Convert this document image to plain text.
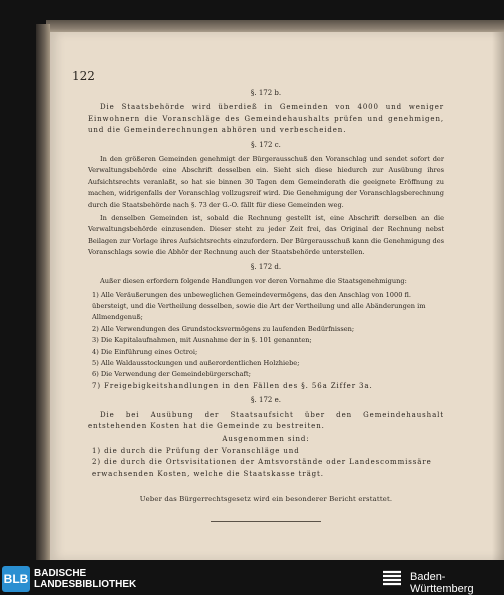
122
§. 172 b.

Die Staatsbehörde wird überdieß in Gemeinden von 4000 und weniger Einwohnern die Voranschläge des Gemeindehaushalts prüfen und genehmigen, und die Gemeinderechnungen abhören und verbescheiden.

§. 172 c.

In den größeren Gemeinden genehmigt der Bürgerausschuß den Voranschlag und sendet sofort der Verwaltungsbehörde eine Abschrift desselben ein. Sieht sich diese hiedurch zur Ausübung ihres Aufsichtsrechts veranlaßt, so hat sie binnen 30 Tagen dem Gemeinderath die geeignete Eröffnung zu machen, widrigenfalls der Voranschlag vollzugsreif wird. Die Genehmigung der Voranschlagsberechnung durch die Staatsbehörde nach §. 73 der G.-O. fällt für diese Gemeinden weg.

In denselben Gemeinden ist, sobald die Rechnung gestellt ist, eine Abschrift derselben an die Verwaltungsbehörde einzusenden. Dieser steht zu jeder Zeit frei, das Original der Rechnung nebst Beilagen zur Vorlage ihres Aufsichtsrechts einzufordern. Der Bürgerausschuß kann die Genehmigung des Voranschlags sowie die Abhör der Rechnung auch der Staatsbehörde unterstellen.

§. 172 d.

Außer diesen erfordern folgende Handlungen vor deren Vornahme die Staatsgenehmigung:

1) Alle Veräußerungen des unbeweglichen Gemeindevermögens, das den Anschlag von 1000 fl. übersteigt, und die Vertheilung desselben, sowie die Art der Vertheilung und alle Abänderungen im Allmendgenuß;

2) Alle Verwendungen des Grundstocksvermögens zu laufenden Bedürfnissen;

3) Die Kapitalaufnahmen, mit Ausnahme der in §. 101 genannten;

4) Die Einführung eines Octroi;

5) Alle Waldausstockungen und außerordentlichen Holzhiebe;

6) Die Verwendung der Gemeindebürgerschaft;

7) Freigebigkeitshandlungen in den Fällen des §. 56a Ziffer 3a.

§. 172 e.

Die bei Ausübung der Staatsaufsicht über den Gemeindehaushalt entstehenden Kosten hat die Gemeinde zu bestreiten.

Ausgenommen sind:

1) die durch die Prüfung der Voranschläge und

2) die durch die Ortsvisitationen der Amtsvorstände oder Landescommissäre erwachsenden Kosten, welche die Staatskasse trägt.

Ueber das Bürgerrechtsgesetz wird ein besonderer Bericht erstattet.
BLB BADISCHE
LANDESBIBLIOTHEK
Baden-Württemberg
